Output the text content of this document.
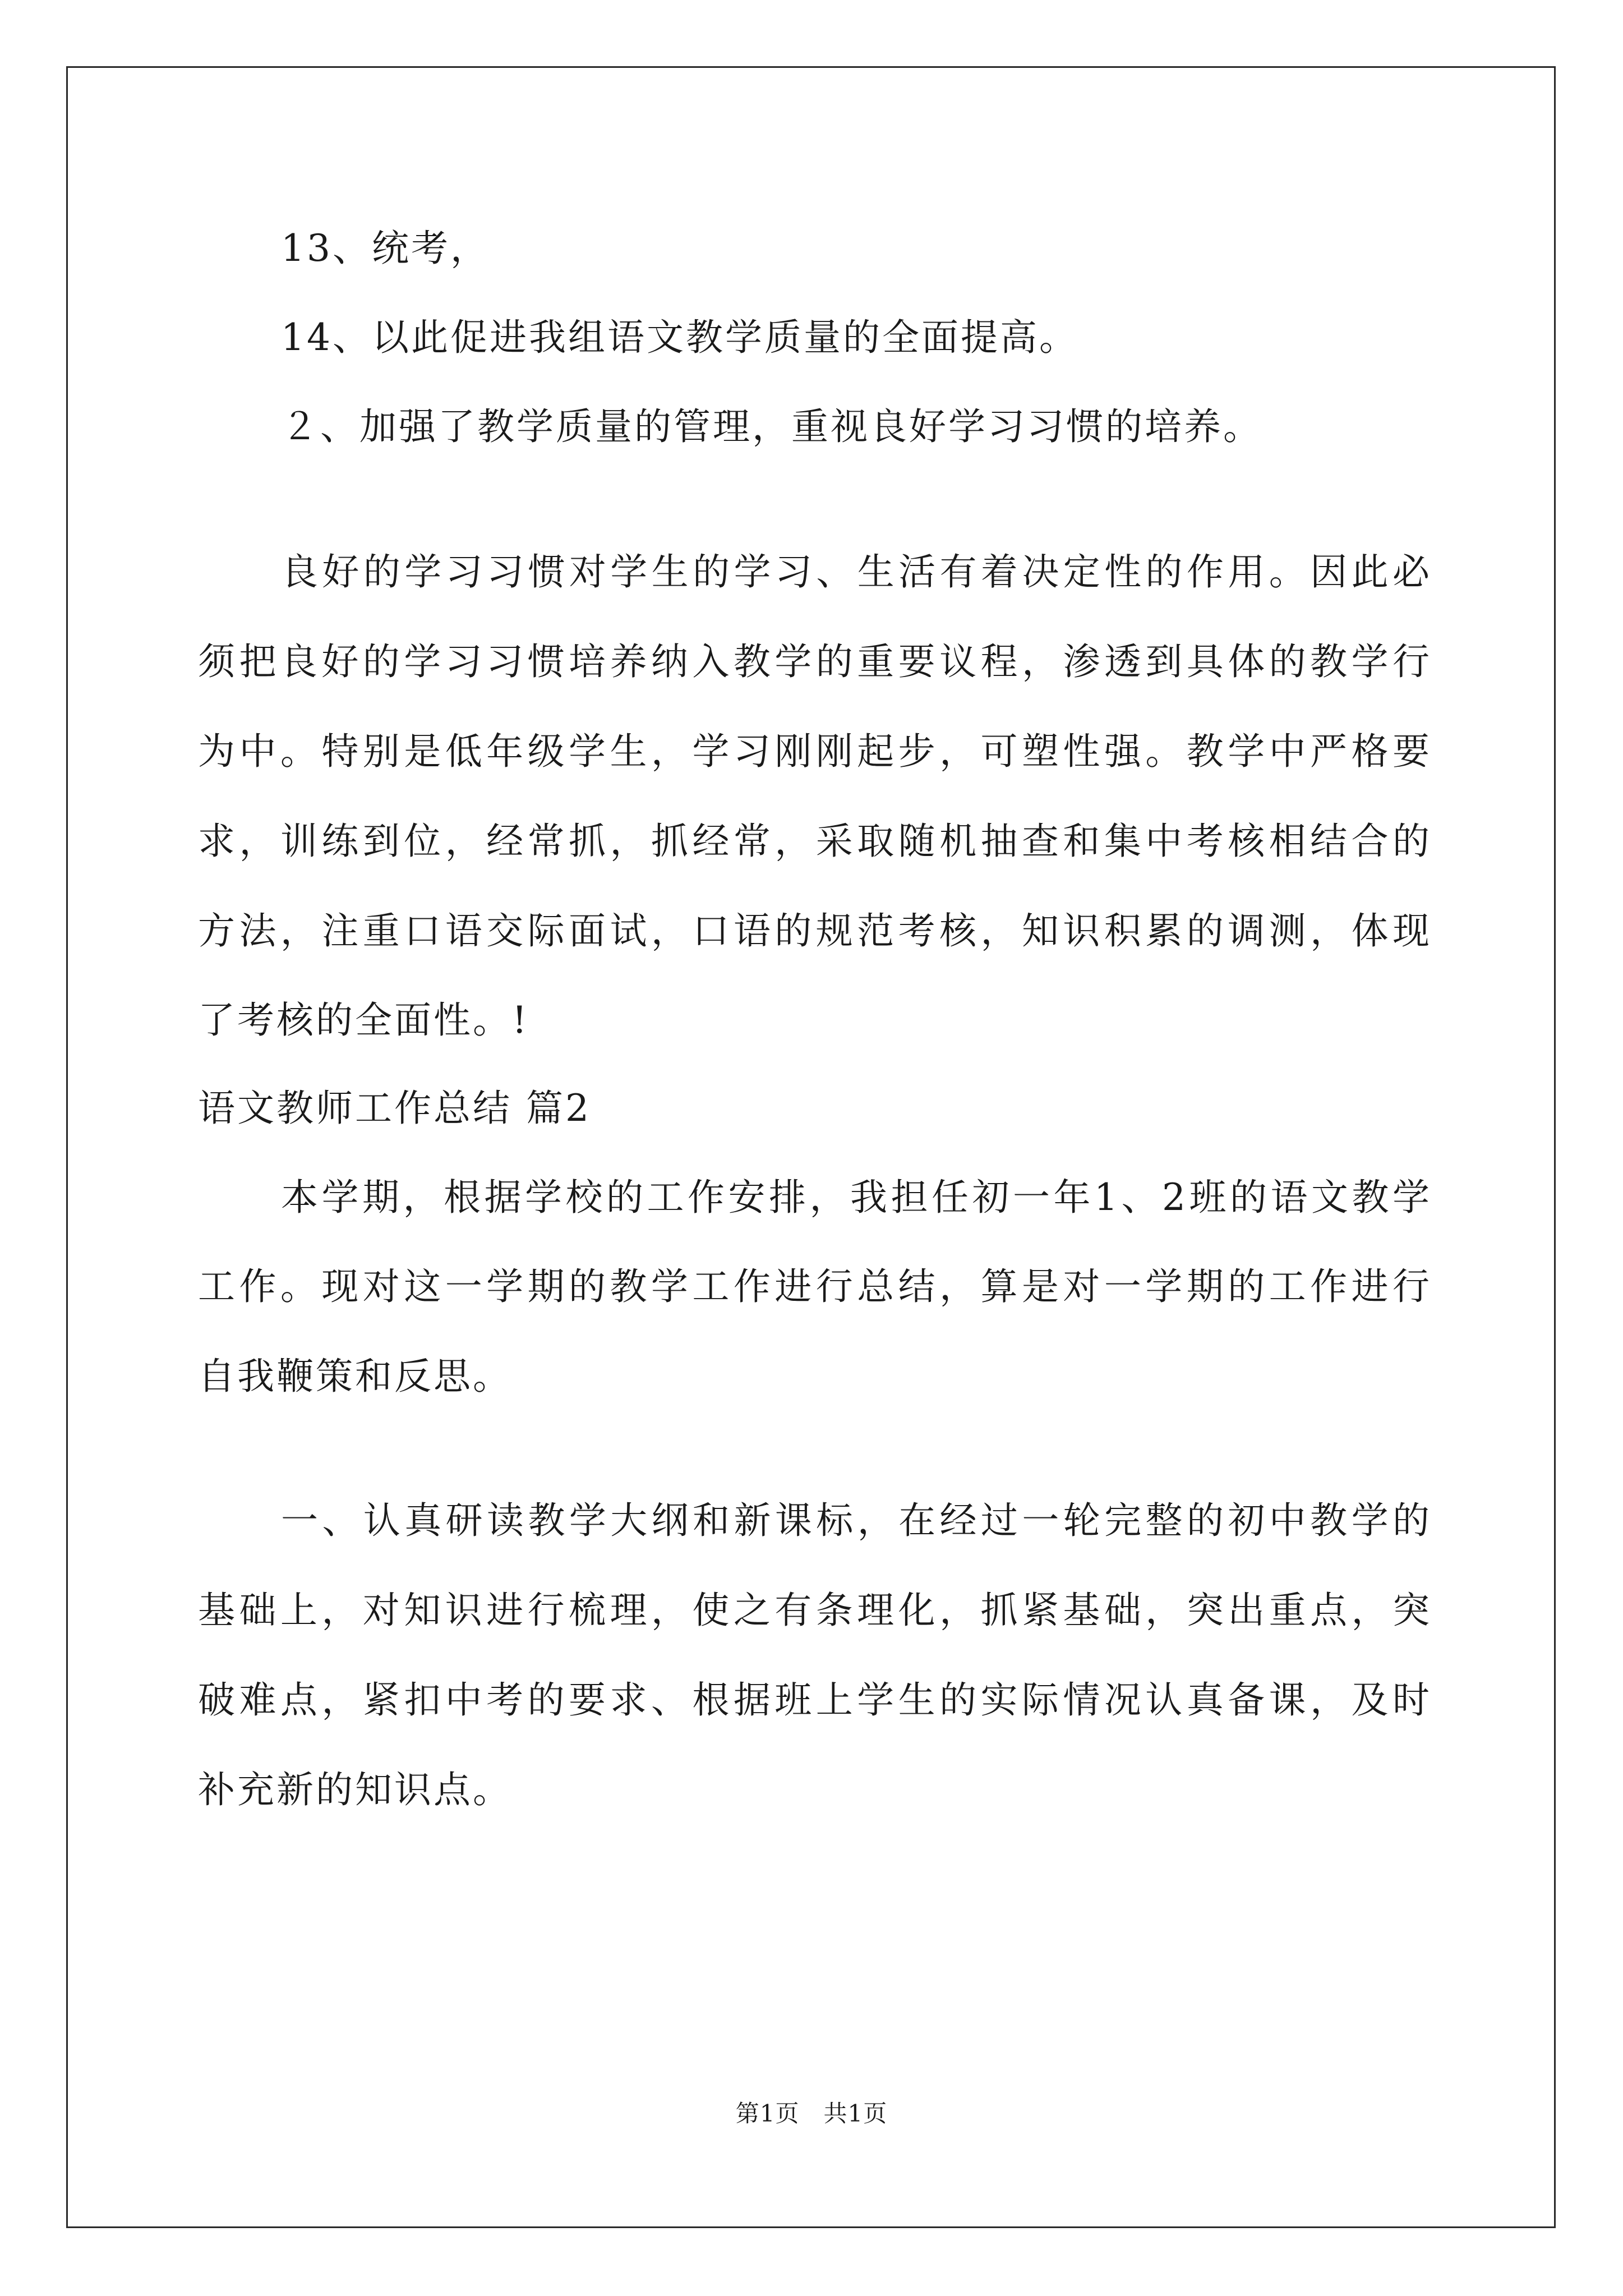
13、统考，
14、以此促进我组语文教学质量的全面提高。
２、加强了教学质量的管理，重视良好学习习惯的培养。
良好的学习习惯对学生的学习、生活有着决定性的作用。因此必
须把良好的学习习惯培养纳入教学的重要议程，渗透到具体的教学行
为中。特别是低年级学生，学习刚刚起步，可塑性强。教学中严格要
求，训练到位，经常抓，抓经常，采取随机抽查和集中考核相结合的
方法，注重口语交际面试，口语的规范考核，知识积累的调测，体现
了考核的全面性。!
语文教师工作总结 篇2
本学期，根据学校的工作安排，我担任初一年1、2班的语文教学
工作。现对这一学期的教学工作进行总结，算是对一学期的工作进行
自我鞭策和反思。
一、认真研读教学大纲和新课标，在经过一轮完整的初中教学的
基础上，对知识进行梳理，使之有条理化，抓紧基础，突出重点，突
破难点，紧扣中考的要求、根据班上学生的实际情况认真备课，及时
补充新的知识点。
第1页　共1页
